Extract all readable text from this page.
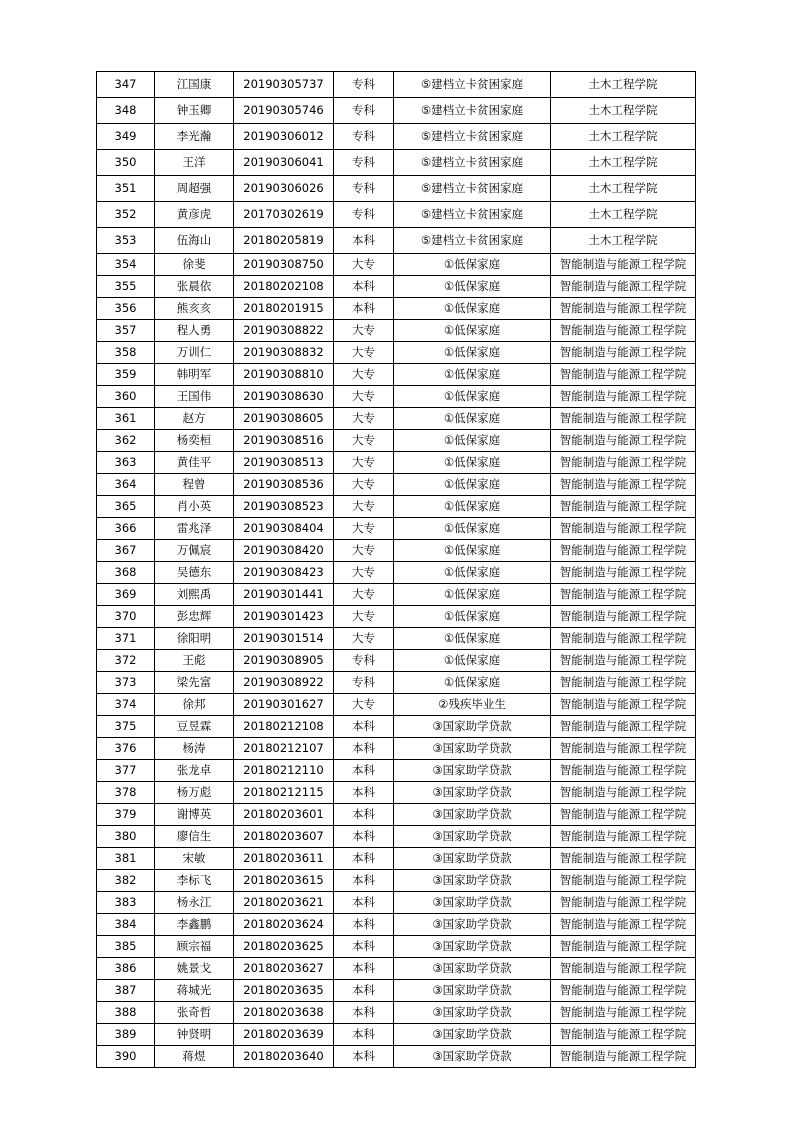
347	江国康	20190305737	专科	⑤建档立卡贫困家庭	土木工程学院
348	钟玉卿	20190305746	专科	⑤建档立卡贫困家庭	土木工程学院
349	李光瀚	20190306012	专科	⑤建档立卡贫困家庭	土木工程学院
350	王洋	20190306041	专科	⑤建档立卡贫困家庭	土木工程学院
351	周超强	20190306026	专科	⑤建档立卡贫困家庭	土木工程学院
352	黄彦虎	20170302619	专科	⑤建档立卡贫困家庭	土木工程学院
353	伍海山	20180205819	本科	⑤建档立卡贫困家庭	土木工程学院
354	徐斐	20190308750	大专	①低保家庭	智能制造与能源工程学院
355	张晨依	20180202108	本科	①低保家庭	智能制造与能源工程学院
356	熊亥亥	20180201915	本科	①低保家庭	智能制造与能源工程学院
357	程人勇	20190308822	大专	①低保家庭	智能制造与能源工程学院
358	万训仁	20190308832	大专	①低保家庭	智能制造与能源工程学院
359	韩明军	20190308810	大专	①低保家庭	智能制造与能源工程学院
360	王国伟	20190308630	大专	①低保家庭	智能制造与能源工程学院
361	赵方	20190308605	大专	①低保家庭	智能制造与能源工程学院
362	杨奕桓	20190308516	大专	①低保家庭	智能制造与能源工程学院
363	黄佳平	20190308513	大专	①低保家庭	智能制造与能源工程学院
364	程曾	20190308536	大专	①低保家庭	智能制造与能源工程学院
365	肖小英	20190308523	大专	①低保家庭	智能制造与能源工程学院
366	雷兆泽	20190308404	大专	①低保家庭	智能制造与能源工程学院
367	万佩宸	20190308420	大专	①低保家庭	智能制造与能源工程学院
368	吴德东	20190308423	大专	①低保家庭	智能制造与能源工程学院
369	刘熙禹	20190301441	大专	①低保家庭	智能制造与能源工程学院
370	彭忠辉	20190301423	大专	①低保家庭	智能制造与能源工程学院
371	徐阳明	20190301514	大专	①低保家庭	智能制造与能源工程学院
372	王彪	20190308905	专科	①低保家庭	智能制造与能源工程学院
373	梁先富	20190308922	专科	①低保家庭	智能制造与能源工程学院
374	徐邦	20190301627	大专	②残疾毕业生	智能制造与能源工程学院
375	豆昱霖	20180212108	本科	③国家助学贷款	智能制造与能源工程学院
376	杨涛	20180212107	本科	③国家助学贷款	智能制造与能源工程学院
377	张龙卓	20180212110	本科	③国家助学贷款	智能制造与能源工程学院
378	杨万彪	20180212115	本科	③国家助学贷款	智能制造与能源工程学院
379	谢博英	20180203601	本科	③国家助学贷款	智能制造与能源工程学院
380	廖信生	20180203607	本科	③国家助学贷款	智能制造与能源工程学院
381	宋敏	20180203611	本科	③国家助学贷款	智能制造与能源工程学院
382	李标飞	20180203615	本科	③国家助学贷款	智能制造与能源工程学院
383	杨永江	20180203621	本科	③国家助学贷款	智能制造与能源工程学院
384	李鑫鹏	20180203624	本科	③国家助学贷款	智能制造与能源工程学院
385	顾宗福	20180203625	本科	③国家助学贷款	智能制造与能源工程学院
386	姚景戈	20180203627	本科	③国家助学贷款	智能制造与能源工程学院
387	蒋城光	20180203635	本科	③国家助学贷款	智能制造与能源工程学院
388	张奇哲	20180203638	本科	③国家助学贷款	智能制造与能源工程学院
389	钟贤明	20180203639	本科	③国家助学贷款	智能制造与能源工程学院
390	蒋煜	20180203640	本科	③国家助学贷款	智能制造与能源工程学院
